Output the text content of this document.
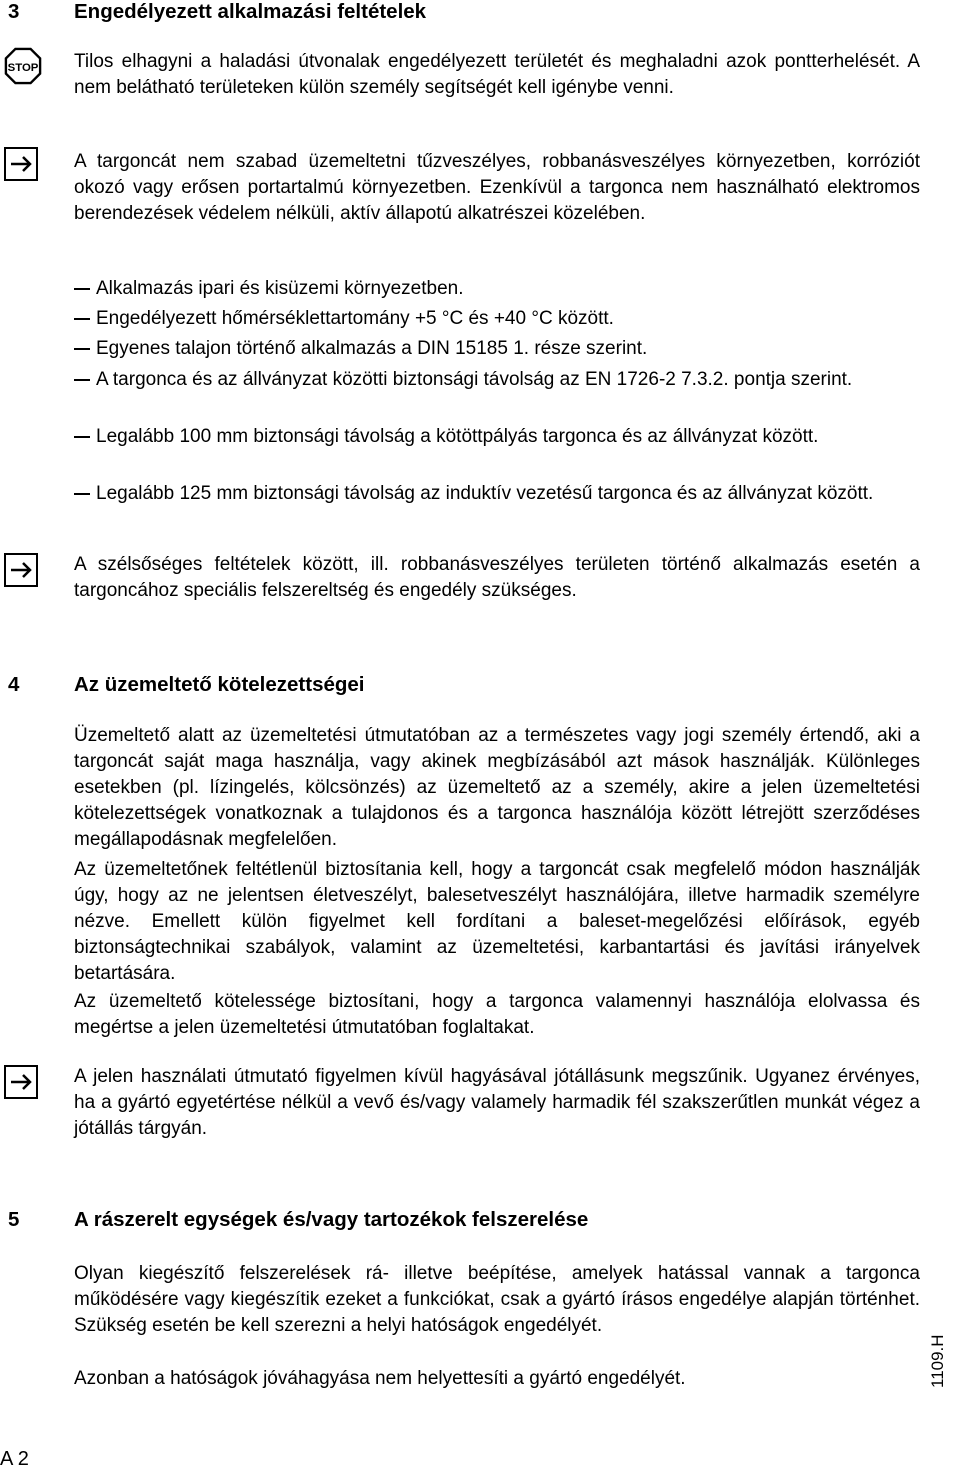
3	Engedélyezett alkalmazási feltételek
STOP Tilos elhagyni a haladási útvonalak engedélyezett területét és meghaladni azok pontterhelését. A nem belátható területeken külön személy segítségét kell igénybe venni.
A targoncát nem szabad üzemeltetni tűzveszélyes, robbanásveszélyes környezetben, korróziót okozó vagy erősen portartalmú környezetben. Ezenkívül a targonca nem használható elektromos berendezések védelem nélküli, aktív állapotú alkatrészei közelében.
Alkalmazás ipari és kisüzemi környezetben.
Engedélyezett hőmérséklettartomány +5 °C és +40 °C között.
Egyenes talajon történő alkalmazás a DIN 15185 1. része szerint.
A targonca és az állványzat közötti biztonsági távolság az EN 1726-2 7.3.2. pontja szerint.
Legalább 100 mm biztonsági távolság a kötöttpályás targonca és az állványzat között.
Legalább 125 mm biztonsági távolság az induktív vezetésű targonca és az állványzat között.
A szélsőséges feltételek között, ill. robbanásveszélyes területen történő alkalmazás esetén a targoncához speciális felszereltség és engedély szükséges.
4	Az üzemeltető kötelezettségei
Üzemeltető alatt az üzemeltetési útmutatóban az a természetes vagy jogi személy értendő, aki a targoncát saját maga használja, vagy akinek megbízásából azt mások használják. Különleges esetekben (pl. lízingelés, kölcsönzés) az üzemeltető az a személy, akire a jelen üzemeltetési kötelezettségek vonatkoznak a tulajdonos és a targonca használója között létrejött szerződéses megállapodásnak megfelelően.
Az üzemeltetőnek feltétlenül biztosítania kell, hogy a targoncát csak megfelelő módon használják úgy, hogy az ne jelentsen életveszélyt, balesetveszélyt használójára, illetve harmadik személyre nézve. Emellett külön figyelmet kell fordítani a baleset-megelőzési előírások, egyéb biztonságtechnikai szabályok, valamint az üzemeltetési, karbantartási és javítási irányelvek betartására.
Az üzemeltető kötelessége biztosítani, hogy a targonca valamennyi használója elolvassa és megértse a jelen üzemeltetési útmutatóban foglaltakat.
A jelen használati útmutató figyelmen kívül hagyásával jótállásunk megszűnik. Ugyanez érvényes, ha a gyártó egyetértése nélkül a vevő és/vagy valamely harmadik fél szakszerűtlen munkát végez a jótállás tárgyán.
5	A rászerelt egységek és/vagy tartozékok felszerelése
Olyan kiegészítő felszerelések rá- illetve beépítése, amelyek hatással vannak a targonca működésére vagy kiegészítik ezeket a funkciókat, csak a gyártó írásos engedélye alapján történhet. Szükség esetén be kell szerezni a helyi hatóságok engedélyét.
Azonban a hatóságok jóváhagyása nem helyettesíti a gyártó engedélyét.
A 2
1109.H
